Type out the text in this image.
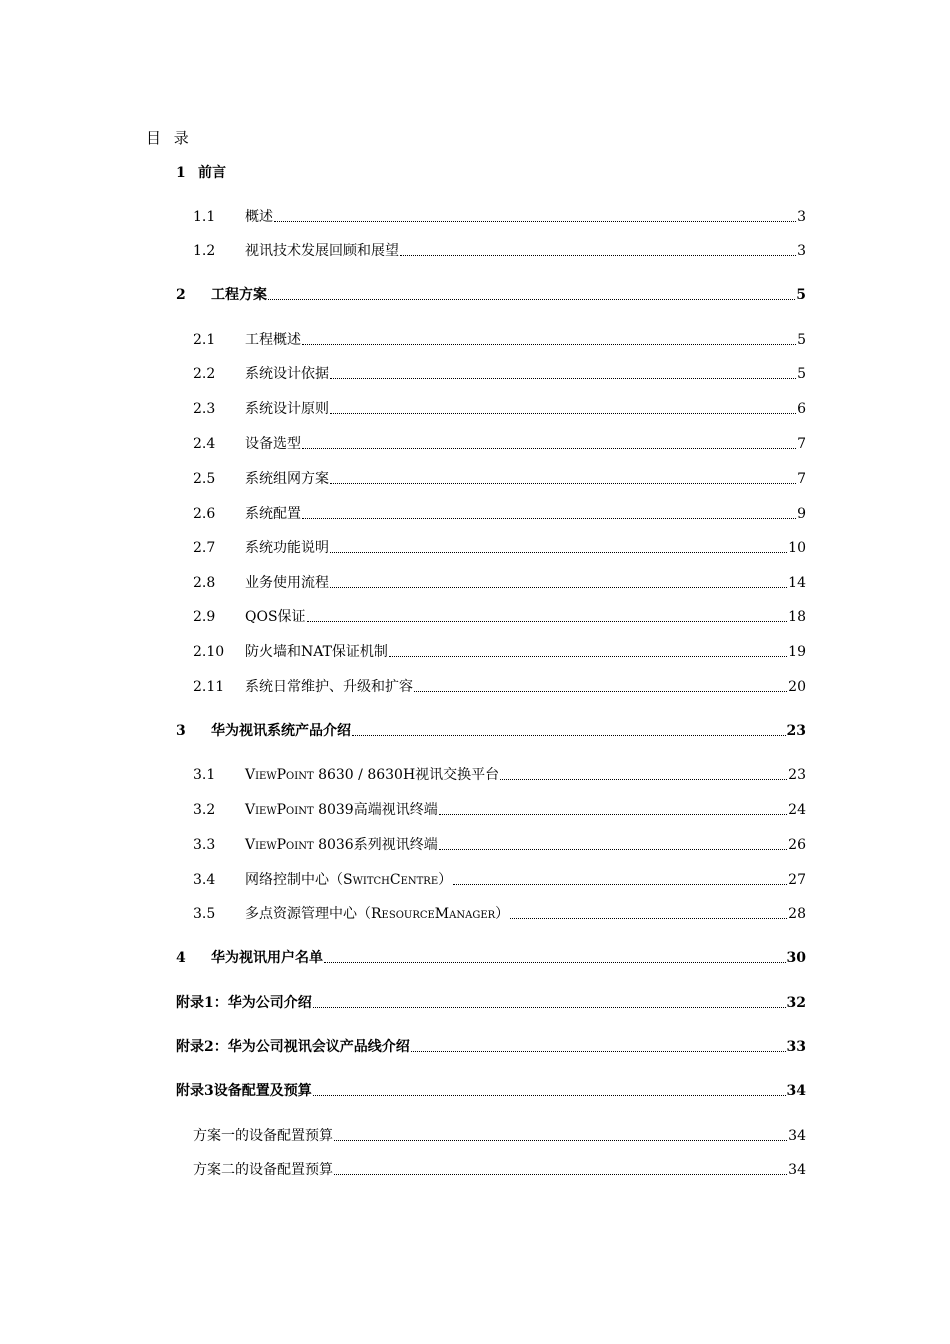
目 录
1 前言
1.1	概述	3
1.2	视讯技术发展回顾和展望	3
2	工程方案	5
2.1	工程概述	5
2.2	系统设计依据	5
2.3	系统设计原则	6
2.4	设备选型	7
2.5	系统组网方案	7
2.6	系统配置	9
2.7	系统功能说明	10
2.8	业务使用流程	14
2.9	QOS保证	18
2.10	防火墙和NAT保证机制	19
2.11	系统日常维护、升级和扩容	20
3	华为视讯系统产品介绍	23
3.1	ViewPoint 8630 / 8630H视讯交换平台	23
3.2	ViewPoint 8039高端视讯终端	24
3.3	ViewPoint 8036系列视讯终端	26
3.4	网络控制中心（SwitchCentre）	27
3.5	多点资源管理中心（ResourceManager）	28
4	华为视讯用户名单	30
附录1：华为公司介绍	32
附录2：华为公司视讯会议产品线介绍	33
附录3设备配置及预算	34
方案一的设备配置预算	34
方案二的设备配置预算	34
